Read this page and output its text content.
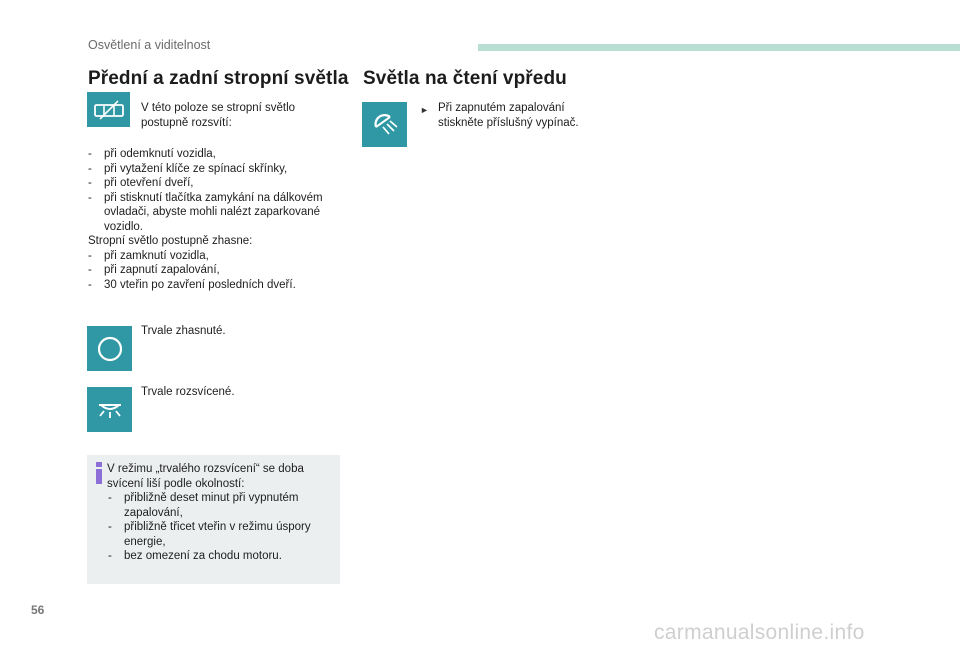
Osvětlení a viditelnost
Přední a zadní stropní světla
V této poloze se stropní světlo postupně rozsvítí:
- při odemknutí vozidla,
- při vytažení klíče ze spínací skřínky,
- při otevření dveří,
- při stisknutí tlačítka zamykání na dálkovém ovladači, abyste mohli nalézt zaparkované vozidlo.
Stropní světlo postupně zhasne:
- při zamknutí vozidla,
- při zapnutí zapalování,
- 30 vteřin po zavření posledních dveří.
Trvale zhasnuté.
Trvale rozsvícené.
V režimu „trvalého rozsvícení“ se doba svícení liší podle okolností:
- přibližně deset minut při vypnutém zapalování,
- přibližně třicet vteřin v režimu úspory energie,
- bez omezení za chodu motoru.
Světla na čtení vpředu
► Při zapnutém zapalování stiskněte příslušný vypínač.
56
carmanualsonline.info
